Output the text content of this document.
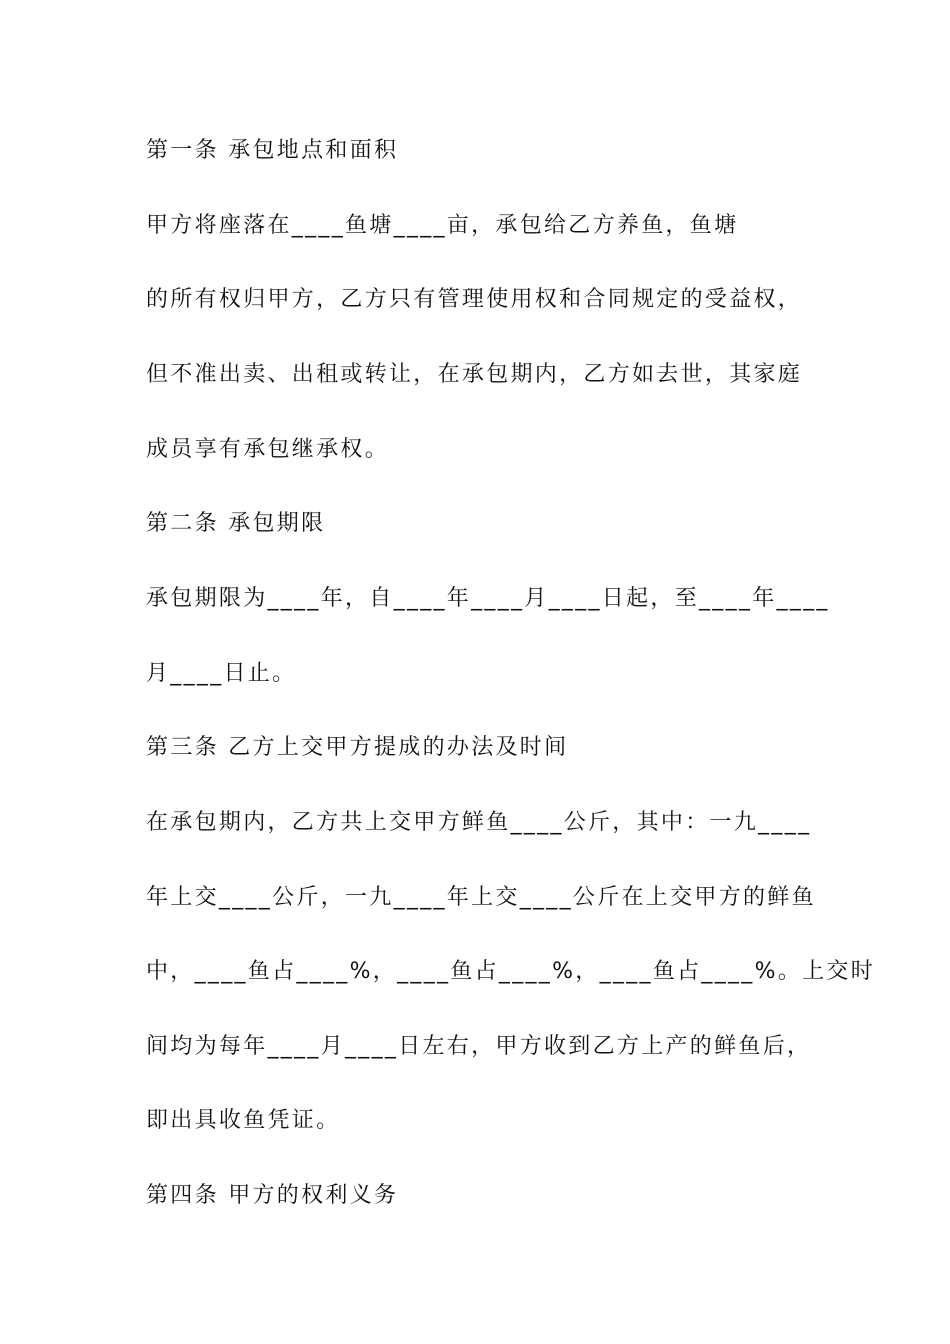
第一条 承包地点和面积

甲方将座落在____鱼塘____亩，承包给乙方养鱼，鱼塘

的所有权归甲方，乙方只有管理使用权和合同规定的受益权，

但不准出卖、出租或转让，在承包期内，乙方如去世，其家庭

成员享有承包继承权。

第二条 承包期限

承包期限为____年，自____年____月____日起，至____年____

月____日止。

第三条 乙方上交甲方提成的办法及时间

在承包期内，乙方共上交甲方鲜鱼____公斤，其中：一九____

年上交____公斤，一九____年上交____公斤在上交甲方的鲜鱼

中，____鱼占____%，____鱼占____%，____鱼占____%。上交时

间均为每年____月____日左右，甲方收到乙方上产的鲜鱼后，

即出具收鱼凭证。

第四条 甲方的权利义务
